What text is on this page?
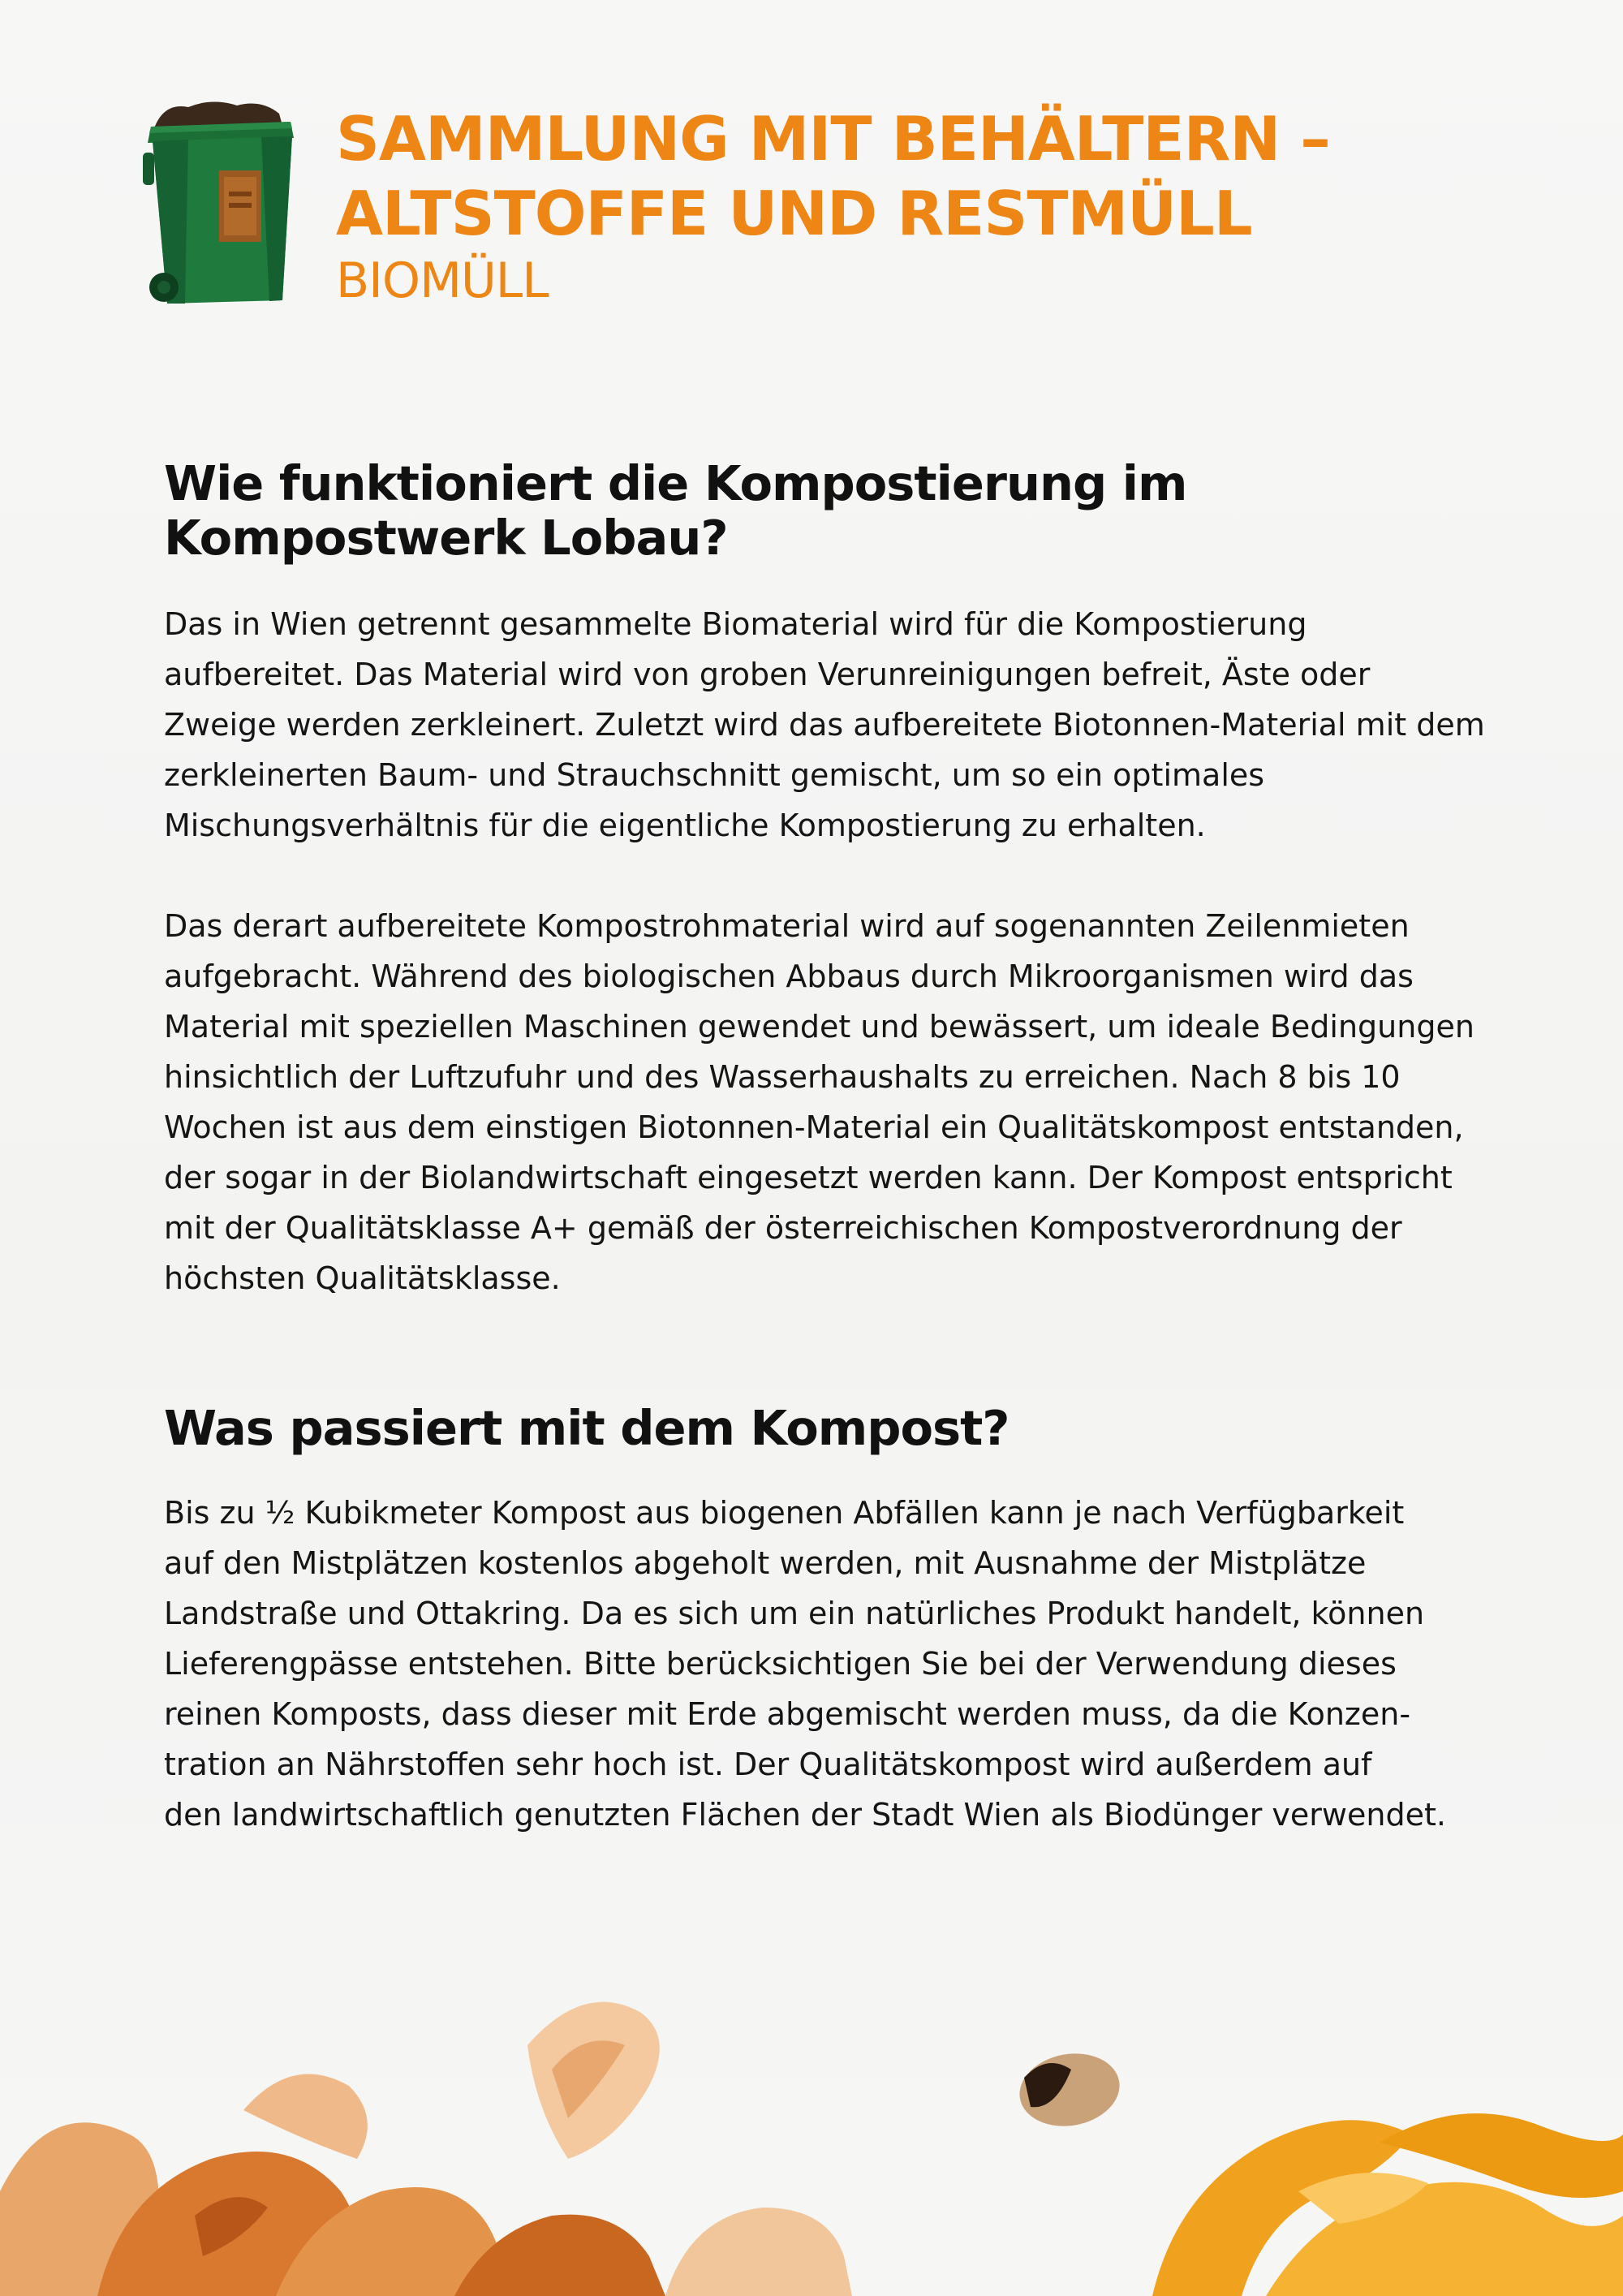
SAMMLUNG MIT BEHÄLTERN –
ALTSTOFFE UND RESTMÜLL
BIOMÜLL
Wie funktioniert die Kompostierung im
Kompostwerk Lobau?

Das in Wien getrennt gesammelte Biomaterial wird für die Kompostierung
aufbereitet. Das Material wird von groben Verunreinigungen befreit, Äste oder
Zweige werden zerkleinert. Zuletzt wird das aufbereitete Biotonnen-Material mit dem
zerkleinerten Baum- und Strauchschnitt gemischt, um so ein optimales
Mischungsverhältnis für die eigentliche Kompostierung zu erhalten.

Das derart aufbereitete Kompostrohmaterial wird auf sogenannten Zeilenmieten
aufgebracht. Während des biologischen Abbaus durch Mikroorganismen wird das
Material mit speziellen Maschinen gewendet und bewässert, um ideale Bedingungen
hinsichtlich der Luftzufuhr und des Wasserhaushalts zu erreichen. Nach 8 bis 10
Wochen ist aus dem einstigen Biotonnen-Material ein Qualitätskompost entstanden,
der sogar in der Biolandwirtschaft eingesetzt werden kann. Der Kompost entspricht
mit der Qualitätsklasse A+ gemäß der österreichischen Kompostverordnung der
höchsten Qualitätsklasse.

Was passiert mit dem Kompost?

Bis zu ½ Kubikmeter Kompost aus biogenen Abfällen kann je nach Verfügbarkeit
auf den Mistplätzen kostenlos abgeholt werden, mit Ausnahme der Mistplätze
Landstraße und Ottakring. Da es sich um ein natürliches Produkt handelt, können
Lieferengpässe entstehen. Bitte berücksichtigen Sie bei der Verwendung dieses
reinen Komposts, dass dieser mit Erde abgemischt werden muss, da die Konzen-
tration an Nährstoffen sehr hoch ist. Der Qualitätskompost wird außerdem auf
den landwirtschaftlich genutzten Flächen der Stadt Wien als Biodünger verwendet.
